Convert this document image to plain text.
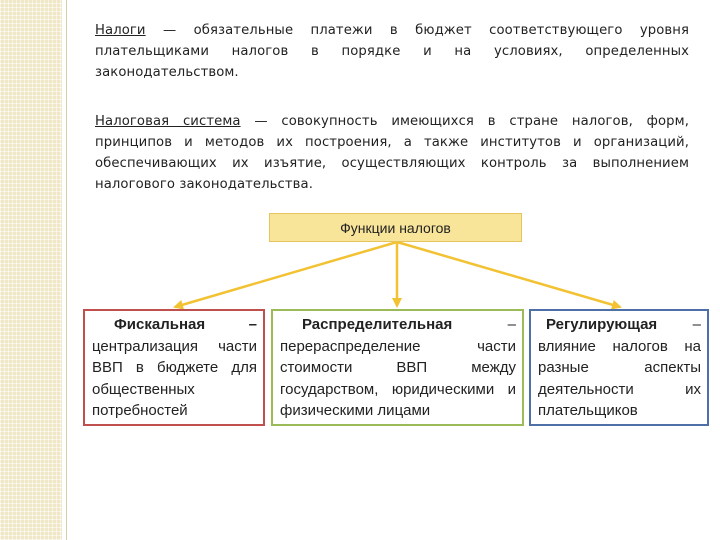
Налоги — обязательные платежи в бюджет соответствующего уровня плательщиками налогов в порядке и на условиях, определенных законодательством.
Налоговая система — совокупность имеющихся в стране налогов, форм, принципов и методов их построения, а также институтов и организаций, обеспечивающих их изъятие, осуществляющих контроль за выполнением налогового законодательства.
Функции налогов
Фискальная – централизация части ВВП в бюджете для общественных потребностей
Распределительная – перераспределение части стоимости ВВП между государством, юридическими и физическими лицами
Регулирующая – влияние налогов на разные аспекты деятельности их плательщиков
